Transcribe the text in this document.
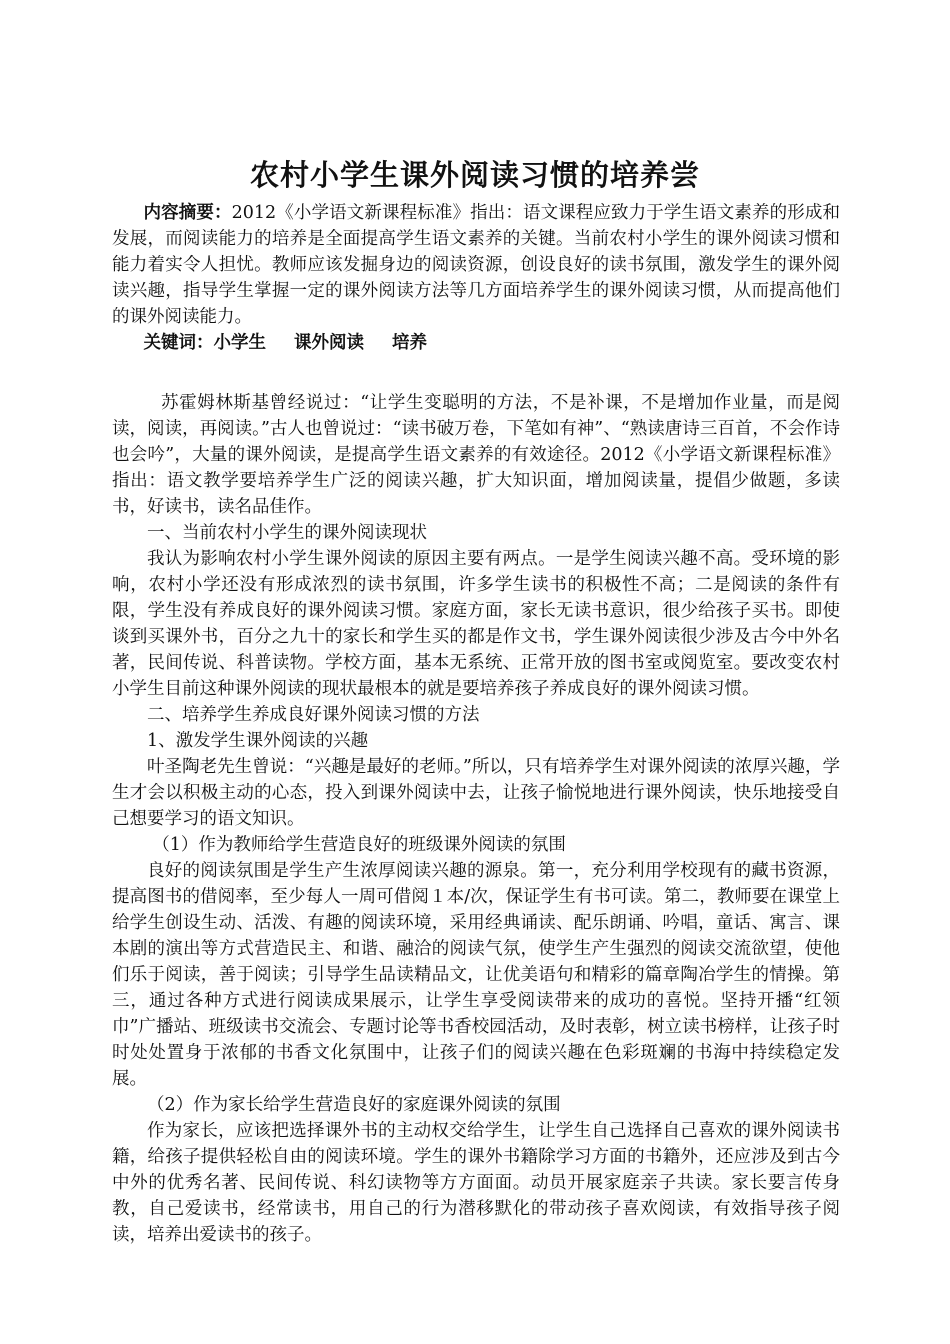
农村小学生课外阅读习惯的培养尝

内容摘要：2012《小学语文新课程标准》指出：语文课程应致力于学生语文素养的形成和发展，而阅读能力的培养是全面提高学生语文素养的关键。当前农村小学生的课外阅读习惯和能力着实令人担忧。教师应该发掘身边的阅读资源，创设良好的读书氛围，激发学生的课外阅读兴趣，指导学生掌握一定的课外阅读方法等几方面培养学生的课外阅读习惯，从而提高他们的课外阅读能力。

关键词：小学生 课外阅读 培养

苏霍姆林斯基曾经说过：“让学生变聪明的方法，不是补课，不是增加作业量，而是阅读，阅读，再阅读。”古人也曾说过：“读书破万卷，下笔如有神”、“熟读唐诗三百首，不会作诗也会吟”，大量的课外阅读，是提高学生语文素养的有效途径。2012《小学语文新课程标准》指出：语文教学要培养学生广泛的阅读兴趣，扩大知识面，增加阅读量，提倡少做题，多读书，好读书，读名品佳作。

一、当前农村小学生的课外阅读现状

我认为影响农村小学生课外阅读的原因主要有两点。一是学生阅读兴趣不高。受环境的影响，农村小学还没有形成浓烈的读书氛围，许多学生读书的积极性不高；二是阅读的条件有限，学生没有养成良好的课外阅读习惯。家庭方面，家长无读书意识，很少给孩子买书。即使谈到买课外书，百分之九十的家长和学生买的都是作文书，学生课外阅读很少涉及古今中外名著，民间传说、科普读物。学校方面，基本无系统、正常开放的图书室或阅览室。要改变农村小学生目前这种课外阅读的现状最根本的就是要培养孩子养成良好的课外阅读习惯。

二、培养学生养成良好课外阅读习惯的方法

1、激发学生课外阅读的兴趣

叶圣陶老先生曾说：“兴趣是最好的老师。”所以，只有培养学生对课外阅读的浓厚兴趣，学生才会以积极主动的心态，投入到课外阅读中去，让孩子愉悦地进行课外阅读，快乐地接受自己想要学习的语文知识。

（1）作为教师给学生营造良好的班级课外阅读的氛围

良好的阅读氛围是学生产生浓厚阅读兴趣的源泉。第一，充分利用学校现有的藏书资源，提高图书的借阅率，至少每人一周可借阅１本/次，保证学生有书可读。第二，教师要在课堂上给学生创设生动、活泼、有趣的阅读环境，采用经典诵读、配乐朗诵、吟唱，童话、寓言、课本剧的演出等方式营造民主、和谐、融洽的阅读气氛，使学生产生强烈的阅读交流欲望，使他们乐于阅读，善于阅读；引导学生品读精品文，让优美语句和精彩的篇章陶冶学生的情操。第三，通过各种方式进行阅读成果展示，让学生享受阅读带来的成功的喜悦。坚持开播“红领巾”广播站、班级读书交流会、专题讨论等书香校园活动，及时表彰，树立读书榜样，让孩子时时处处置身于浓郁的书香文化氛围中，让孩子们的阅读兴趣在色彩斑斓的书海中持续稳定发展。

（2）作为家长给学生营造良好的家庭课外阅读的氛围

作为家长，应该把选择课外书的主动权交给学生，让学生自己选择自己喜欢的课外阅读书籍，给孩子提供轻松自由的阅读环境。学生的课外书籍除学习方面的书籍外，还应涉及到古今中外的优秀名著、民间传说、科幻读物等方方面面。动员开展家庭亲子共读。家长要言传身教，自己爱读书，经常读书，用自己的行为潜移默化的带动孩子喜欢阅读，有效指导孩子阅读，培养出爱读书的孩子。
